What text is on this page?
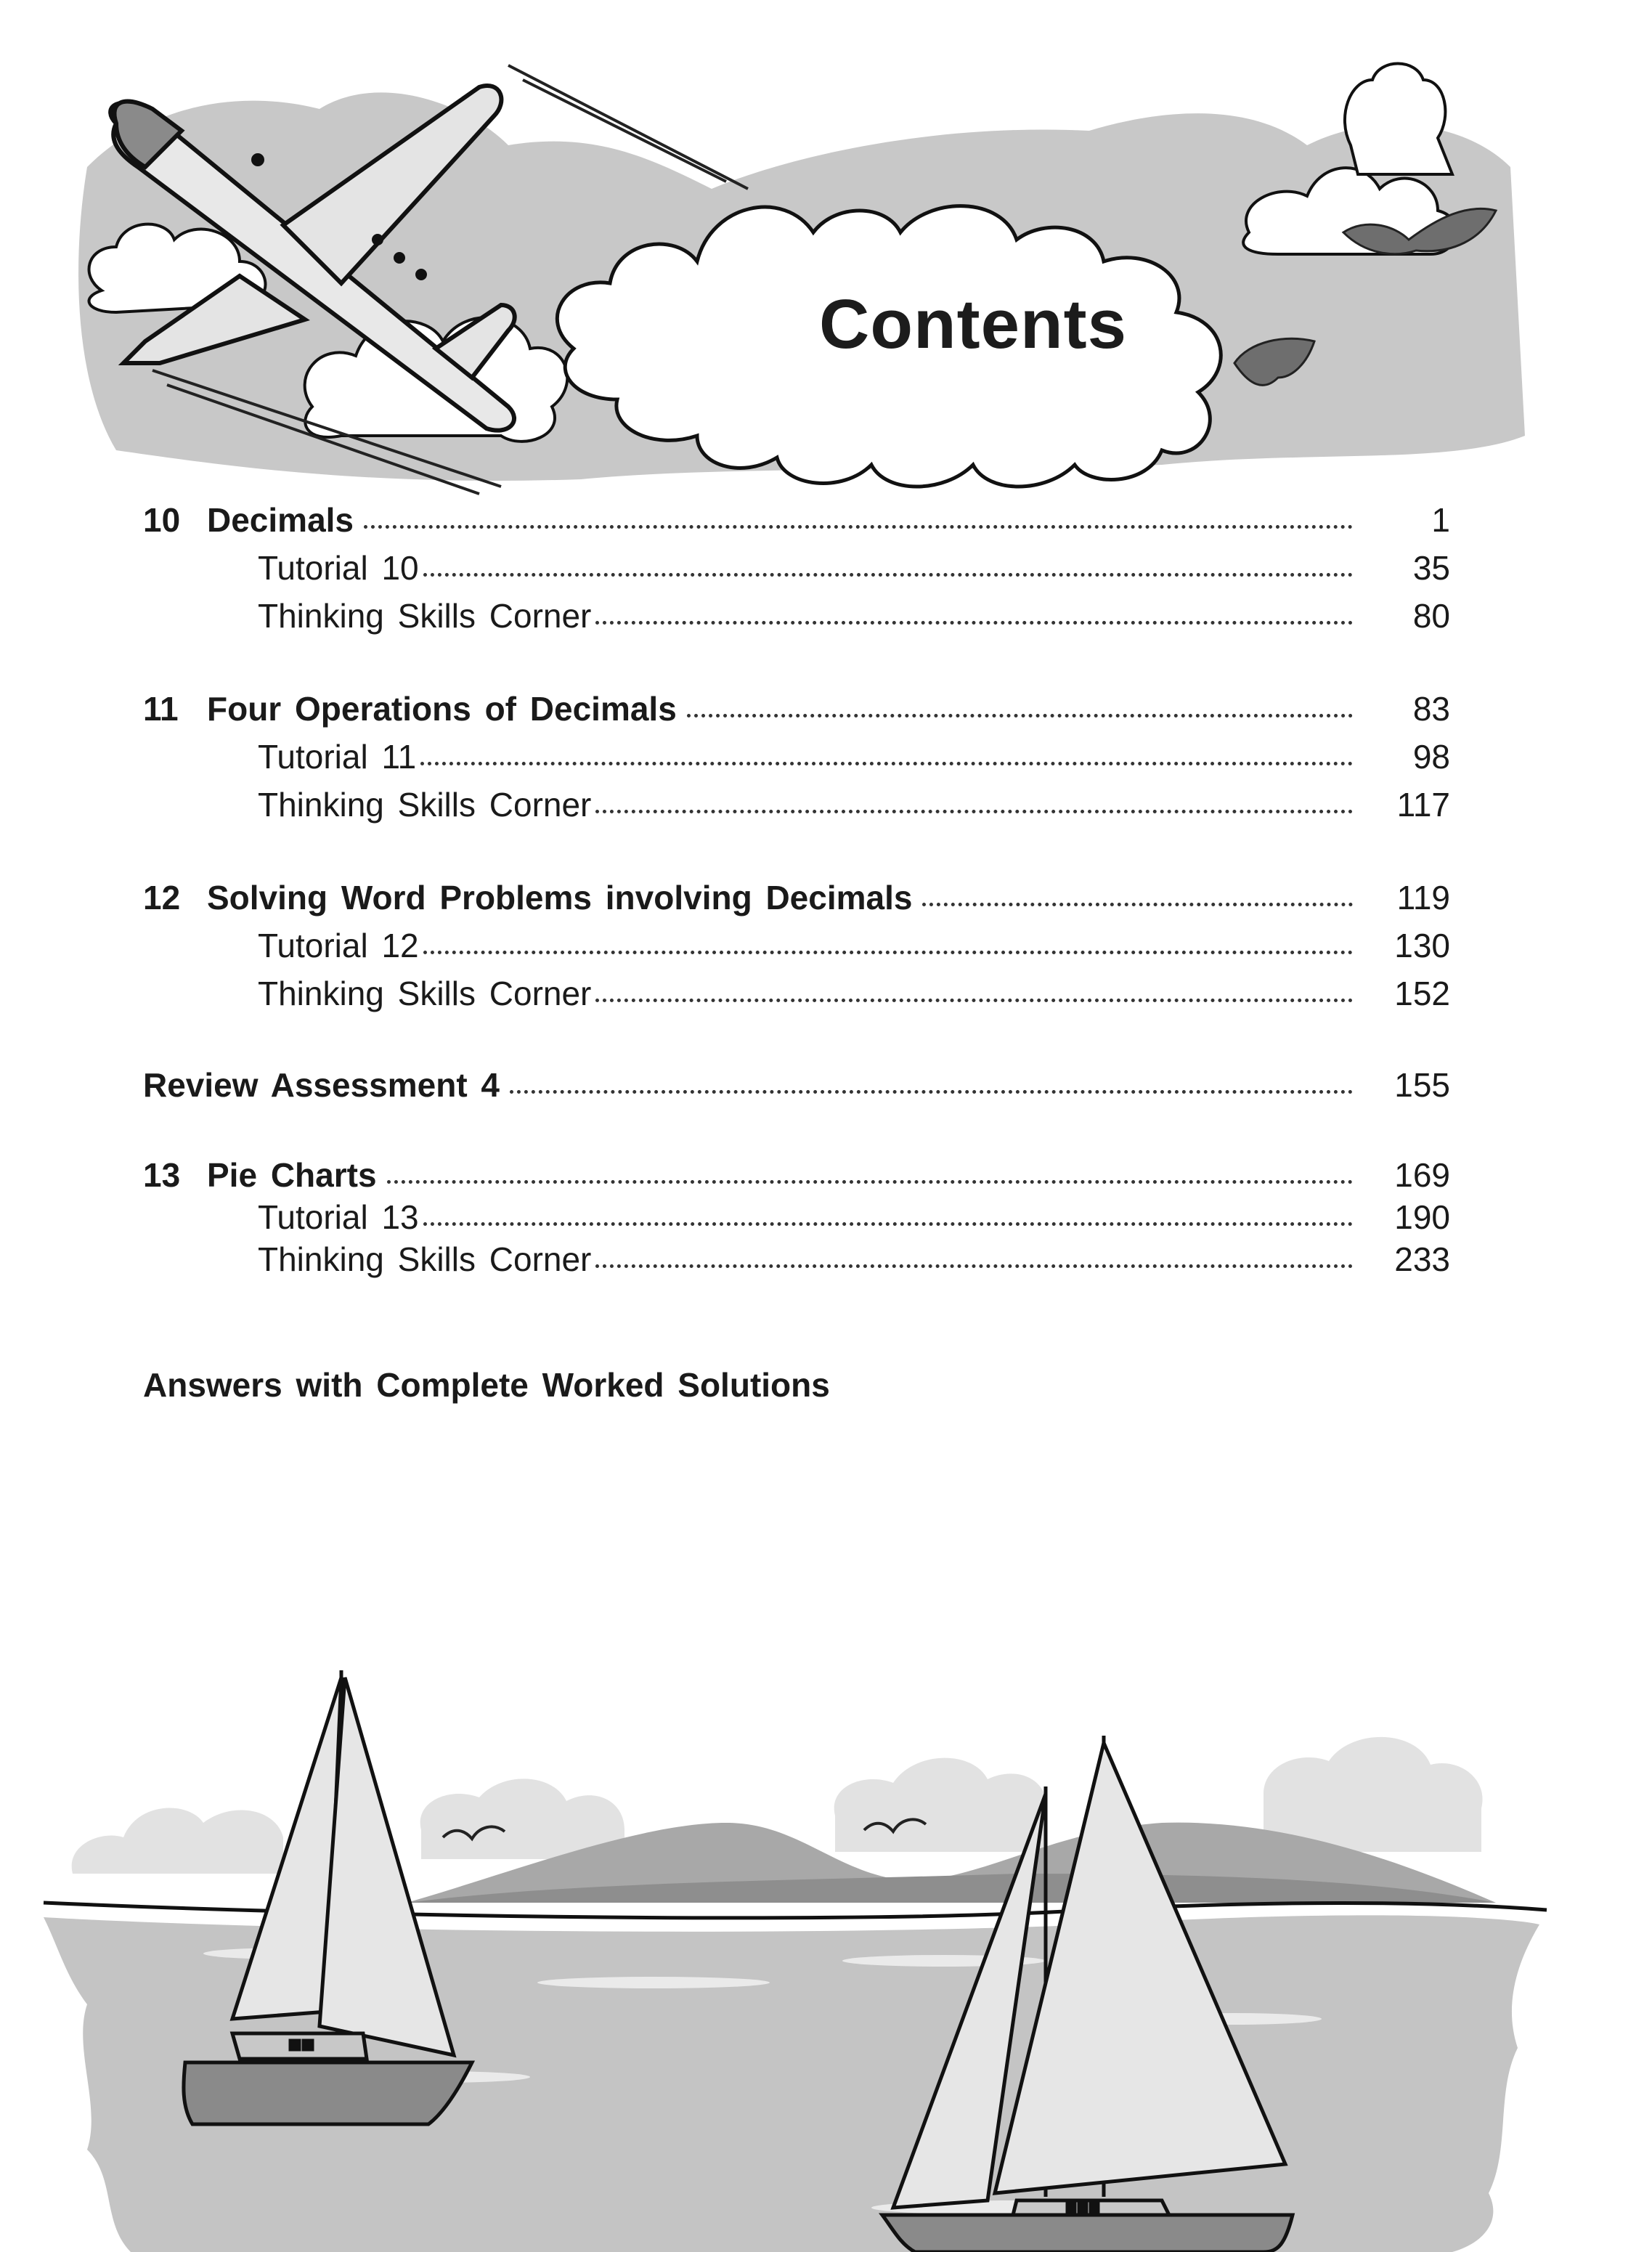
Contents
10 Decimals	1
Tutorial 10	35
Thinking Skills Corner	80
11 Four Operations of Decimals	83
Tutorial 11	98
Thinking Skills Corner	117
12 Solving Word Problems involving Decimals	119
Tutorial 12	130
Thinking Skills Corner	152
Review Assessment 4	155
13 Pie Charts	169
Tutorial 13	190
Thinking Skills Corner	233
Answers with Complete Worked Solutions
